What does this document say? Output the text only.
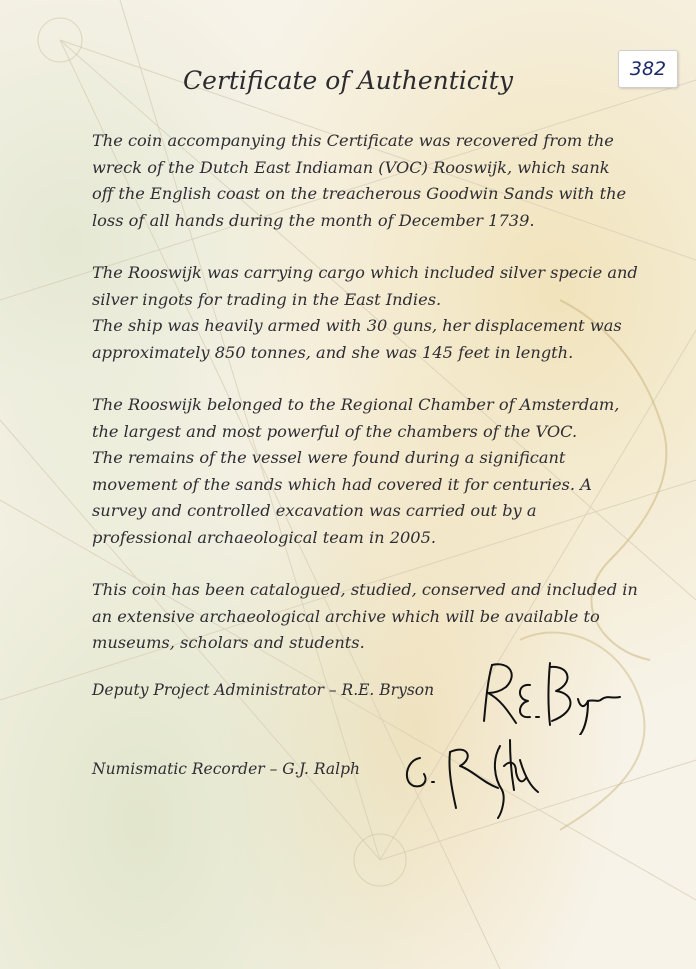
382
Certificate of Authenticity
The coin accompanying this Certificate was recovered from the
wreck of the Dutch East Indiaman (VOC) Rooswijk, which sank
off the English coast on the treacherous Goodwin Sands with the
loss of all hands during the month of December 1739.
The Rooswijk was carrying cargo which included silver specie and
silver ingots for trading in the East Indies.
The ship was heavily armed with 30 guns, her displacement was
approximately 850 tonnes, and she was 145 feet in length.
The Rooswijk belonged to the Regional Chamber of Amsterdam,
the largest and most powerful of the chambers of the VOC.
The remains of the vessel were found during a significant
movement of the sands which had covered it for centuries. A
survey and controlled excavation was carried out by a
professional archaeological team in 2005.
This coin has been catalogued, studied, conserved and included in
an extensive archaeological archive which will be available to
museums, scholars and students.
Deputy Project Administrator – R.E. Bryson
Numismatic Recorder – G.J. Ralph
